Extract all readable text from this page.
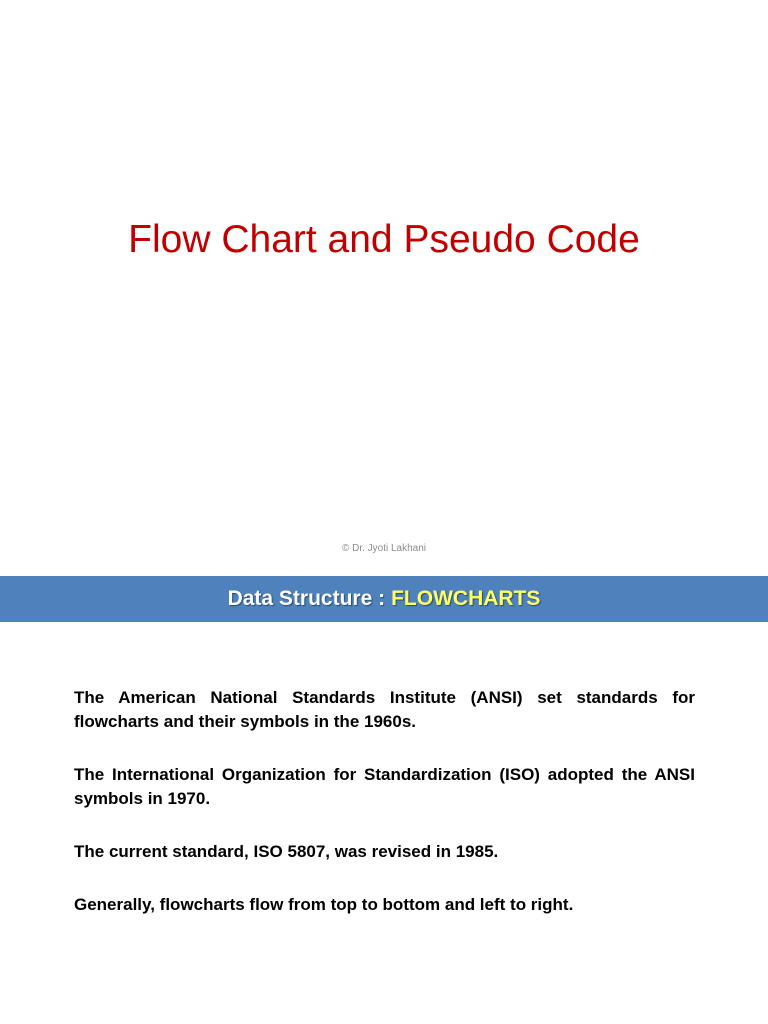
Flow Chart and Pseudo Code
© Dr. Jyoti Lakhani
Data Structure : FLOWCHARTS

The American National Standards Institute (ANSI) set standards for flowcharts and their symbols in the 1960s.

The International Organization for Standardization (ISO) adopted the ANSI symbols in 1970.

The current standard, ISO 5807, was revised in 1985.

Generally, flowcharts flow from top to bottom and left to right.
